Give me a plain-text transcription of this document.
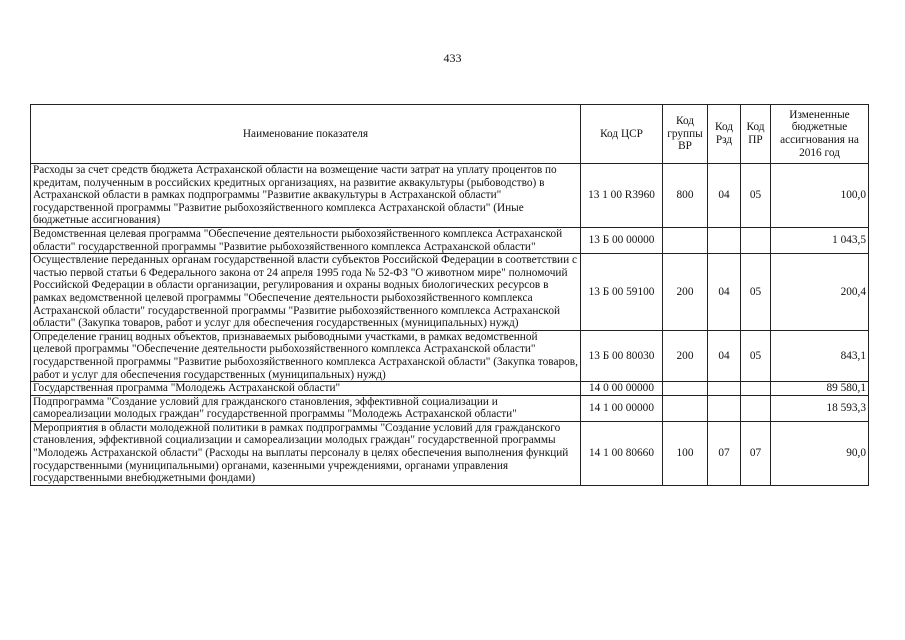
433
Наименование показателя	Код ЦСР	Код группы ВР	Код Рзд	Код ПР	Измененные бюджетные ассигнования на 2016 год
Расходы за счет средств бюджета Астраханской области на возмещение части затрат на уплату процентов по кредитам, полученным в российских кредитных организациях, на развитие аквакультуры (рыбоводство) в Астраханской области в рамках подпрограммы "Развитие аквакультуры в Астраханской области" государственной программы "Развитие рыбохозяйственного комплекса Астраханской области" (Иные бюджетные ассигнования)	13 1 00 R3960	800	04	05	100,0
Ведомственная целевая программа "Обеспечение деятельности рыбохозяйственного комплекса Астраханской области" государственной программы "Развитие рыбохозяйственного комплекса Астраханской области"	13 Б 00 00000				1 043,5
Осуществление переданных органам государственной власти субъектов Российской Федерации в соответствии с частью первой статьи 6 Федерального закона от 24 апреля 1995 года № 52-ФЗ "О животном мире" полномочий Российской Федерации в области организации, регулирования и охраны водных биологических ресурсов в рамках ведомственной целевой программы "Обеспечение деятельности рыбохозяйственного комплекса Астраханской области" государственной программы "Развитие рыбохозяйственного комплекса Астраханской области" (Закупка товаров, работ и услуг для обеспечения государственных (муниципальных) нужд)	13 Б 00 59100	200	04	05	200,4
Определение границ водных объектов, признаваемых рыбоводными участками, в рамках ведомственной целевой программы "Обеспечение деятельности рыбохозяйственного комплекса Астраханской области" государственной программы "Развитие рыбохозяйственного комплекса Астраханской области" (Закупка товаров, работ и услуг для обеспечения государственных (муниципальных) нужд)	13 Б 00 80030	200	04	05	843,1
Государственная программа "Молодежь Астраханской области"	14 0 00 00000				89 580,1
Подпрограмма "Создание условий для гражданского становления, эффективной социализации и самореализации молодых граждан" государственной программы "Молодежь Астраханской области"	14 1 00 00000				18 593,3
Мероприятия в области молодежной политики в рамках подпрограммы "Создание условий для гражданского становления, эффективной социализации и самореализации молодых граждан" государственной программы "Молодежь Астраханской области" (Расходы на выплаты персоналу в целях обеспечения выполнения функций государственными (муниципальными) органами, казенными учреждениями, органами управления государственными внебюджетными фондами)	14 1 00 80660	100	07	07	90,0
